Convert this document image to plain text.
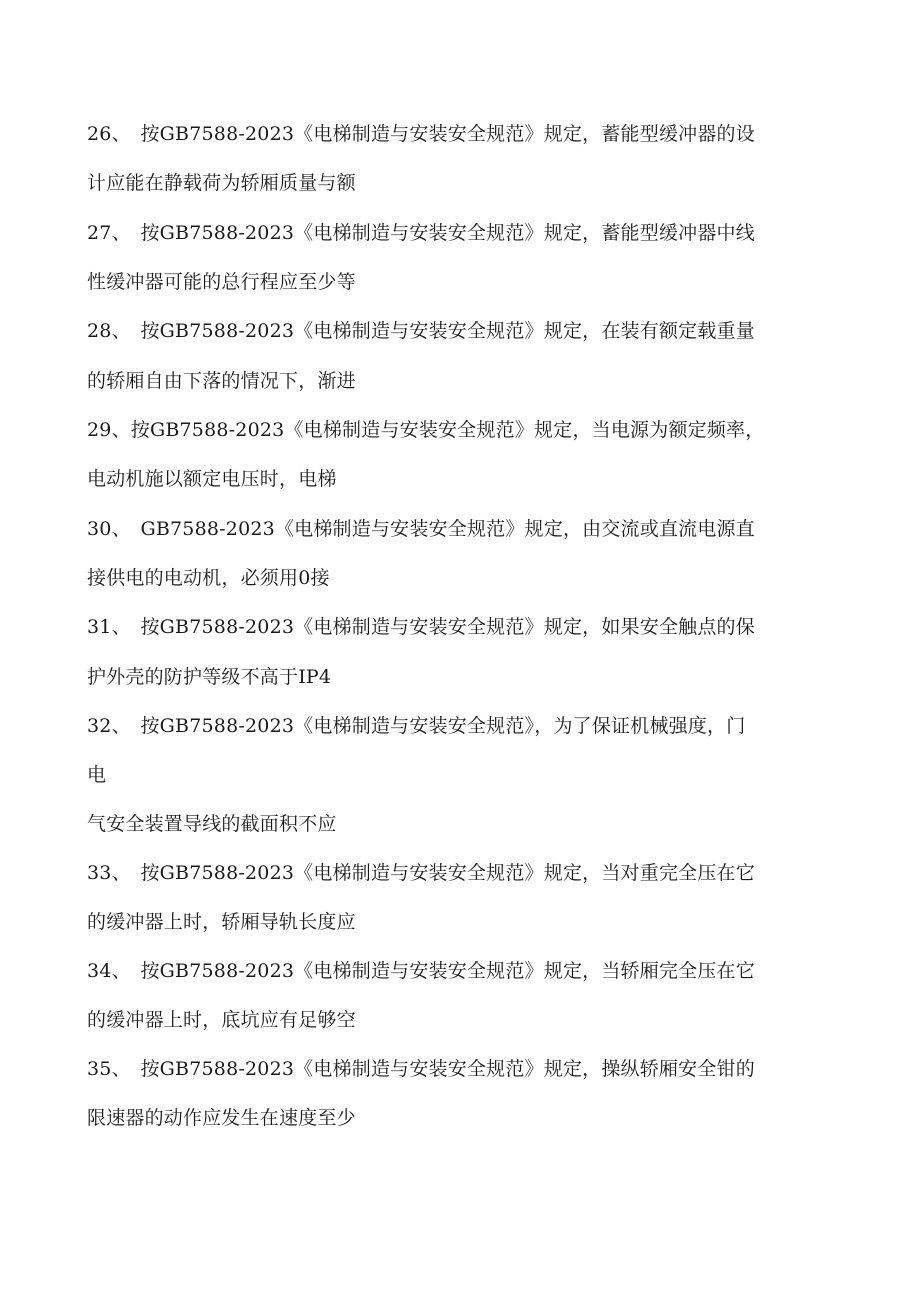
26、　按GB7588-2023《电梯制造与安装安全规范》规定，蓄能型缓冲器的设
计应能在静载荷为轿厢质量与额
27、　按GB7588-2023《电梯制造与安装安全规范》规定，蓄能型缓冲器中线
性缓冲器可能的总行程应至少等
28、　按GB7588-2023《电梯制造与安装安全规范》规定，在装有额定载重量
的轿厢自由下落的情况下，渐进
29、按GB7588-2023《电梯制造与安装安全规范》规定，当电源为额定频率，
电动机施以额定电压时，电梯
30、　GB7588-2023《电梯制造与安装安全规范》规定，由交流或直流电源直
接供电的电动机，必须用0接
31、　按GB7588-2023《电梯制造与安装安全规范》规定，如果安全触点的保
护外壳的防护等级不高于IP4
32、　按GB7588-2023《电梯制造与安装安全规范》，为了保证机械强度，门
电
气安全装置导线的截面积不应
33、　按GB7588-2023《电梯制造与安装安全规范》规定，当对重完全压在它
的缓冲器上时，轿厢导轨长度应
34、　按GB7588-2023《电梯制造与安装安全规范》规定，当轿厢完全压在它
的缓冲器上时，底坑应有足够空
35、　按GB7588-2023《电梯制造与安装安全规范》规定，操纵轿厢安全钳的
限速器的动作应发生在速度至少
